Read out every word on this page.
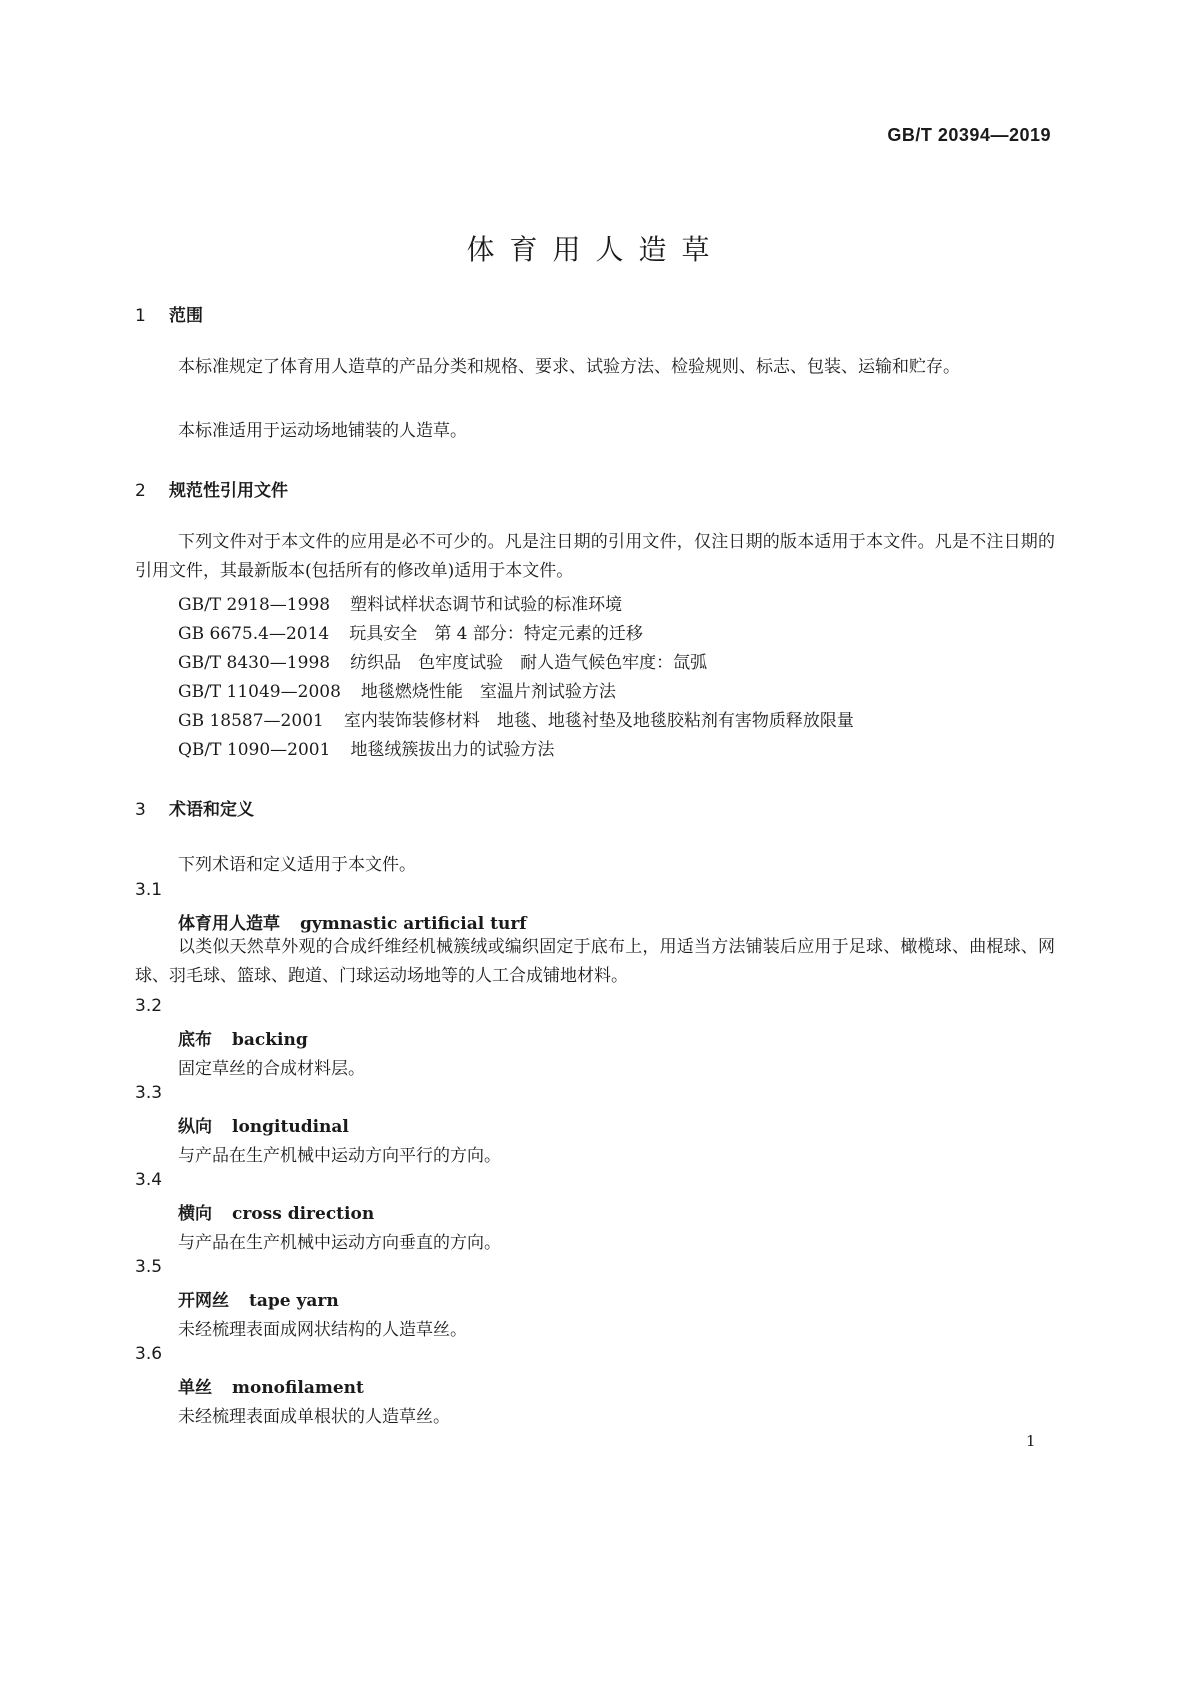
GB/T 20394—2019
体育用人造草
1 范围

本标准规定了体育用人造草的产品分类和规格、要求、试验方法、检验规则、标志、包装、运输和贮存。

本标准适用于运动场地铺装的人造草。
2 规范性引用文件

下列文件对于本文件的应用是必不可少的。凡是注日期的引用文件，仅注日期的版本适用于本文件。凡是不注日期的引用文件，其最新版本(包括所有的修改单)适用于本文件。

GB/T 2918—1998 塑料试样状态调节和试验的标准环境
GB 6675.4—2014 玩具安全　第 4 部分：特定元素的迁移
GB/T 8430—1998 纺织品　色牢度试验　耐人造气候色牢度：氙弧
GB/T 11049—2008 地毯燃烧性能　室温片剂试验方法
GB 18587—2001 室内装饰装修材料　地毯、地毯衬垫及地毯胶粘剂有害物质释放限量
QB/T 1090—2001 地毯绒簇拔出力的试验方法
3 术语和定义
下列术语和定义适用于本文件。
3.1
体育用人造草 gymnastic artificial turf

以类似天然草外观的合成纤维经机械簇绒或编织固定于底布上，用适当方法铺装后应用于足球、橄榄球、曲棍球、网球、羽毛球、篮球、跑道、门球运动场地等的人工合成铺地材料。

3.2
底布 backing
固定草丝的合成材料层。
3.3
纵向 longitudinal
与产品在生产机械中运动方向平行的方向。
3.4
横向 cross direction
与产品在生产机械中运动方向垂直的方向。
3.5
开网丝 tape yarn
未经梳理表面成网状结构的人造草丝。
3.6
单丝 monofilament
未经梳理表面成单根状的人造草丝。
1
